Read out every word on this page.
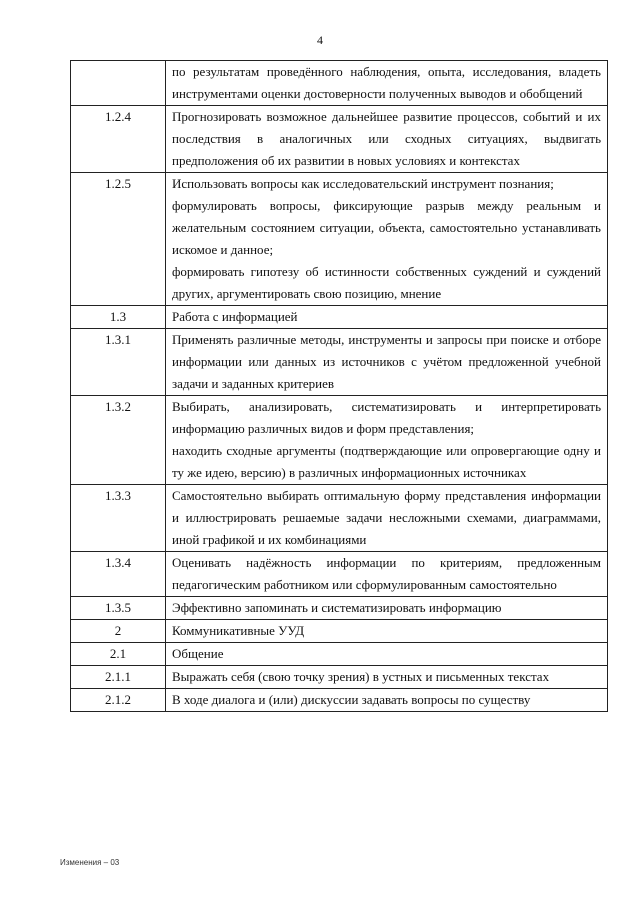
4

	по результатам проведённого наблюдения, опыта, исследования, владеть инструментами оценки достоверности полученных выводов и обобщений

1.2.4	Прогнозировать возможное дальнейшее развитие процессов, событий и их последствия в аналогичных или сходных ситуациях, выдвигать предположения об их развитии в новых условиях и контекстах

1.2.5	Использовать вопросы как исследовательский инструмент познания;
формулировать вопросы, фиксирующие разрыв между реальным и желательным состоянием ситуации, объекта, самостоятельно устанавливать искомое и данное;
формировать гипотезу об истинности собственных суждений и суждений других, аргументировать свою позицию, мнение

1.3	Работа с информацией

1.3.1	Применять различные методы, инструменты и запросы при поиске и отборе информации или данных из источников с учётом предложенной учебной задачи и заданных критериев

1.3.2	Выбирать, анализировать, систематизировать и интерпретировать информацию различных видов и форм представления;
находить сходные аргументы (подтверждающие или опровергающие одну и ту же идею, версию) в различных информационных источниках

1.3.3	Самостоятельно выбирать оптимальную форму представления информации и иллюстрировать решаемые задачи несложными схемами, диаграммами, иной графикой и их комбинациями

1.3.4	Оценивать надёжность информации по критериям, предложенным педагогическим работником или сформулированным самостоятельно

1.3.5	Эффективно запоминать и систематизировать информацию

2	Коммуникативные УУД

2.1	Общение

2.1.1	Выражать себя (свою точку зрения) в устных и письменных текстах

2.1.2	В ходе диалога и (или) дискуссии задавать вопросы по существу
Изменения – 03
